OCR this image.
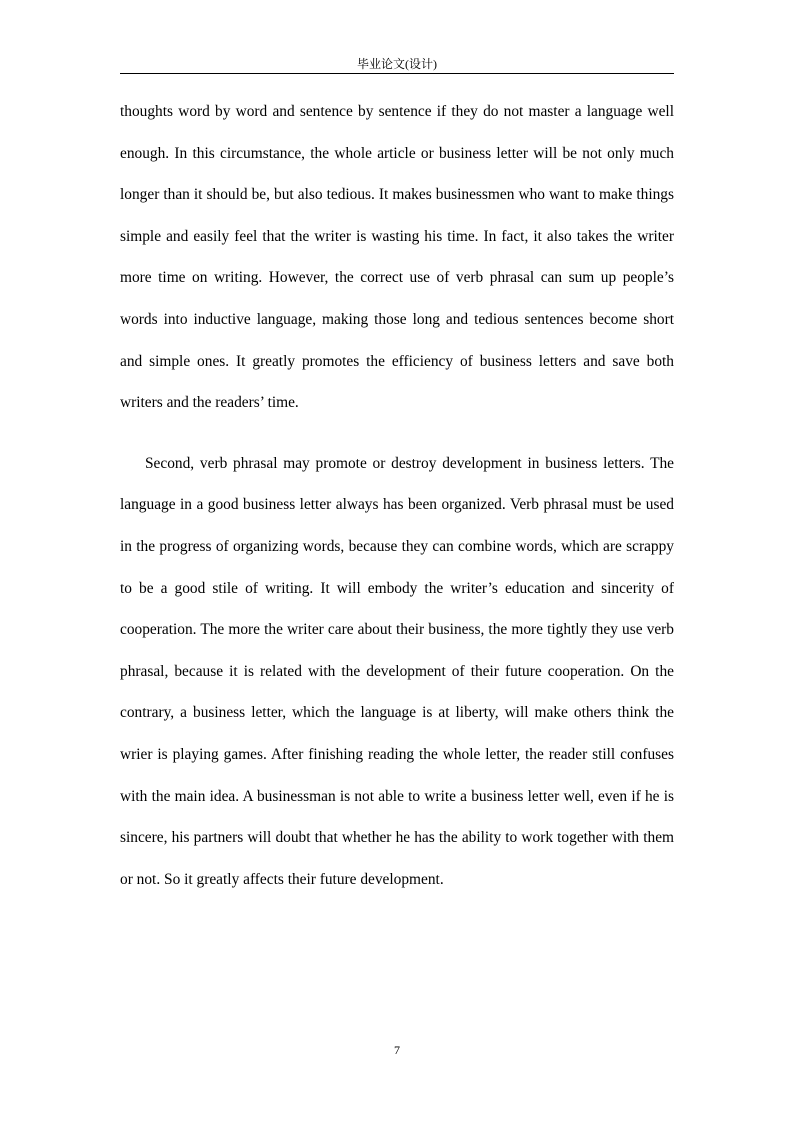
毕业论文(设计)

thoughts word by word and sentence by sentence if they do not master a language well enough. In this circumstance, the whole article or business letter will be not only much longer than it should be, but also tedious. It makes businessmen who want to make things simple and easily feel that the writer is wasting his time. In fact, it also takes the writer more time on writing. However, the correct use of verb phrasal can sum up people’s words into inductive language, making those long and tedious sentences become short and simple ones. It greatly promotes the efficiency of business letters and save both writers and the readers’ time.

Second, verb phrasal may promote or destroy development in business letters. The language in a good business letter always has been organized. Verb phrasal must be used in the progress of organizing words, because they can combine words, which are scrappy to be a good stile of writing. It will embody the writer’s education and sincerity of cooperation. The more the writer care about their business, the more tightly they use verb phrasal, because it is related with the development of their future cooperation. On the contrary, a business letter, which the language is at liberty, will make others think the wrier is playing games. After finishing reading the whole letter, the reader still confuses with the main idea. A businessman is not able to write a business letter well, even if he is sincere, his partners will doubt that whether he has the ability to work together with them or not. So it greatly affects their future development.

7
